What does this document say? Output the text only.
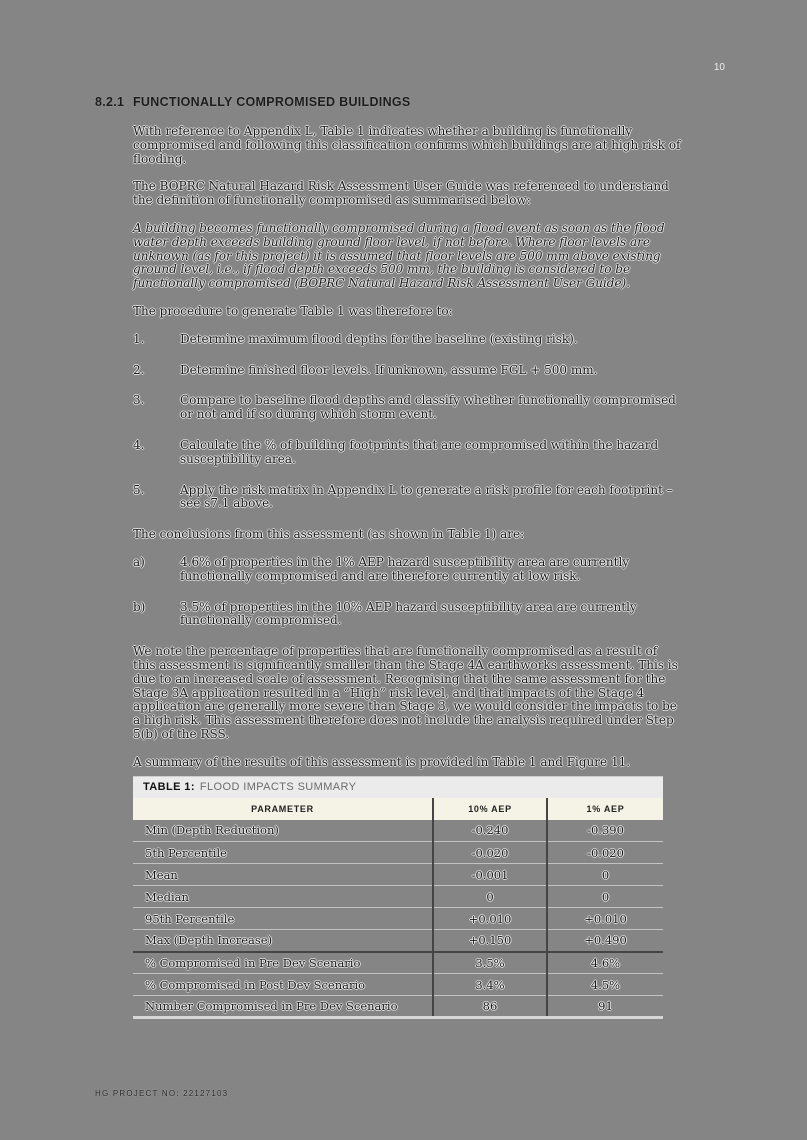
10
8.2.1 FUNCTIONALLY COMPROMISED BUILDINGS

With reference to Appendix L, Table 1 indicates whether a building is functionally compromised and following this classification confirms which buildings are at high risk of flooding.

The BOPRC Natural Hazard Risk Assessment User Guide was referenced to understand the definition of functionally compromised as summarised below:

A building becomes functionally compromised during a flood event as soon as the flood water depth exceeds building ground floor level, if not before. Where floor levels are unknown (as for this project) it is assumed that floor levels are 500 mm above existing ground level, i.e., if flood depth exceeds 500 mm, the building is considered to be functionally compromised (BOPRC Natural Hazard Risk Assessment User Guide).

The procedure to generate Table 1 was therefore to:

1.	Determine maximum flood depths for the baseline (existing risk).
2.	Determine finished floor levels. If unknown, assume FGL + 500 mm.
3.	Compare to baseline flood depths and classify whether functionally compromised or not and if so during which storm event.
4.	Calculate the % of building footprints that are compromised within the hazard susceptibility area.
5.	Apply the risk matrix in Appendix L to generate a risk profile for each footprint – see s7.1 above.

The conclusions from this assessment (as shown in Table 1) are:

a)	4.6% of properties in the 1% AEP hazard susceptibility area are currently functionally compromised and are therefore currently at low risk.
b)	3.5% of properties in the 10% AEP hazard susceptibility area are currently functionally compromised.

We note the percentage of properties that are functionally compromised as a result of this assessment is significantly smaller than the Stage 4A earthworks assessment. This is due to an increased scale of assessment. Recognising that the same assessment for the Stage 3A application resulted in a “High” risk level, and that impacts of the Stage 4 application are generally more severe than Stage 3, we would consider the impacts to be a high risk. This assessment therefore does not include the analysis required under Step 5(b) of the RSS.

A summary of the results of this assessment is provided in Table 1 and Figure 11.

TABLE 1: FLOOD IMPACTS SUMMARY
PARAMETER	10% AEP	1% AEP
Min (Depth Reduction)	-0.240	-0.390
5th Percentile	-0.020	-0.020
Mean	-0.001	0
Median	0	0
95th Percentile	+0.010	+0.010
Max (Depth Increase)	+0.150	+0.490
% Compromised in Pre Dev Scenario	3.5%	4.6%
% Compromised in Post Dev Scenario	3.4%	4.5%
Number Compromised in Pre Dev Scenario	86	91
HG PROJECT NO: 22127103
